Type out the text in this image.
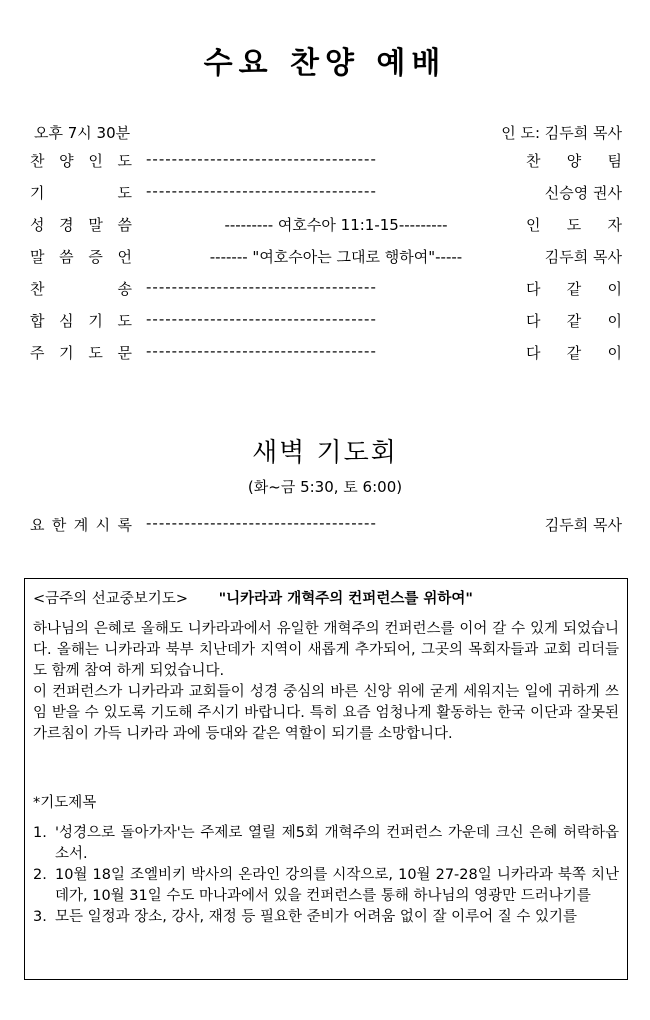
수요 찬양 예배
오후 7시 30분	인 도: 김두희 목사
찬 양 인 도 ------------------------------------	찬 양 팀
기	도 ------------------------------------	신승영 권사
성 경 말 씀	--------- 여호수아 11:1-15---------	인 도 자
말 씀 증 언	------- "여호수아는 그대로 행하여"-----	김두희 목사
찬	송 ------------------------------------	다 같 이
합 심 기 도 ------------------------------------	다 같 이
주 기 도 문 ------------------------------------	다 같 이
새벽 기도회
(화~금 5:30, 토 6:00)
요 한 계 시 록 ------------------------------------	김두희 목사
<금주의 선교중보기도> "니카라과 개혁주의 컨퍼런스를 위하여"

하나님의 은혜로 올해도 니카라과에서 유일한 개혁주의 컨퍼런스를 이어 갈 수 있게 되었습니다. 올해는 니카라과 북부 치난데가 지역이 새롭게 추가되어, 그곳의 목회자들과 교회 리더들도 함께 참여 하게 되었습니다.

이 컨퍼런스가 니카라과 교회들이 성경 중심의 바른 신앙 위에 굳게 세워지는 일에 귀하게 쓰임 받을 수 있도록 기도해 주시기 바랍니다. 특히 요즘 엄청나게 활동하는 한국 이단과 잘못된 가르침이 가득 니카라 과에 등대와 같은 역할이 되기를 소망합니다.

*기도제목
1. '성경으로 돌아가자'는 주제로 열릴 제5회 개혁주의 컨퍼런스 가운데 크신 은혜 허락하옵소서.
2. 10월 18일 조엘비키 박사의 온라인 강의를 시작으로, 10월 27-28일 니카라과 북쪽 치난데가, 10월 31일 수도 마나과에서 있을 컨퍼런스를 통해 하나님의 영광만 드러나기를
3. 모든 일정과 장소, 강사, 재정 등 필요한 준비가 어려움 없이 잘 이루어 질 수 있기를
